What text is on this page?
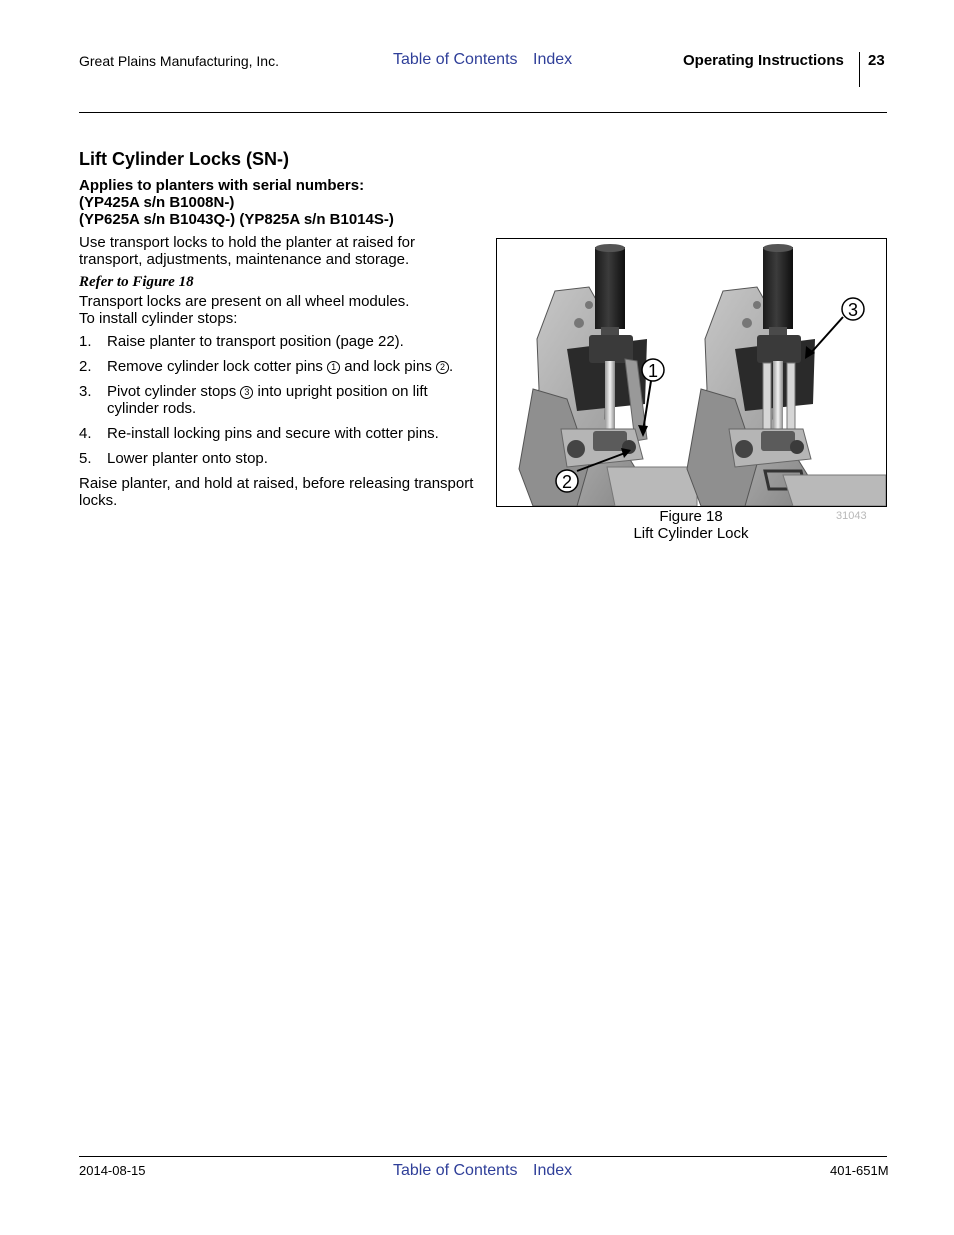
Great Plains Manufacturing, Inc.	Table of Contents Index	Operating Instructions 23
Lift Cylinder Locks (SN-)
Applies to planters with serial numbers:
(YP425A s/n B1008N-)
(YP625A s/n B1043Q-) (YP825A s/n B1014S-)

Use transport locks to hold the planter at raised for transport, adjustments, maintenance and storage.

Refer to Figure 18

Transport locks are present on all wheel modules.
To install cylinder stops:

1. Raise planter to transport position (page 22).
2. Remove cylinder lock cotter pins 1 and lock pins 2 .
3. Pivot cylinder stops 3 into upright position on lift cylinder rods.
4. Re-install locking pins and secure with cotter pins.
5. Lower planter onto stop.

Raise planter, and hold at raised, before releasing transport locks.

1
2
3
Figure 18
Lift Cylinder Lock
31043
2014-08-15	Table of Contents Index	401-651M
